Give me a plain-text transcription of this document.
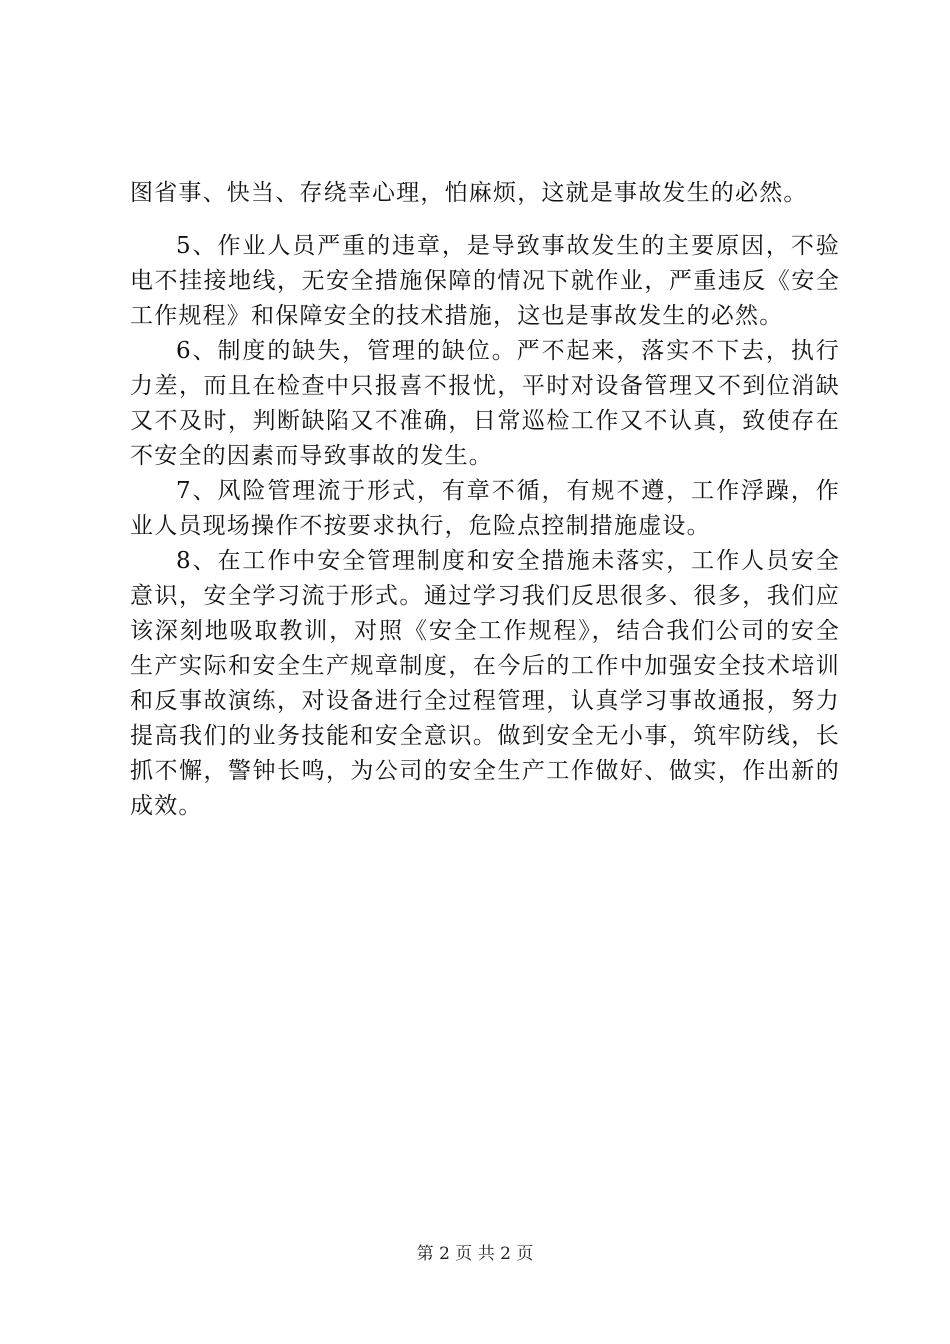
图省事、快当、存绕幸心理，怕麻烦，这就是事故发生的必然。

5、作业人员严重的违章，是导致事故发生的主要原因，不验电不挂接地线，无安全措施保障的情况下就作业，严重违反《安全工作规程》和保障安全的技术措施，这也是事故发生的必然。

6、制度的缺失，管理的缺位。严不起来，落实不下去，执行力差，而且在检查中只报喜不报忧，平时对设备管理又不到位消缺又不及时，判断缺陷又不准确，日常巡检工作又不认真，致使存在不安全的因素而导致事故的发生。

7、风险管理流于形式，有章不循，有规不遵，工作浮躁，作业人员现场操作不按要求执行，危险点控制措施虚设。

8、在工作中安全管理制度和安全措施未落实，工作人员安全意识，安全学习流于形式。通过学习我们反思很多、很多，我们应该深刻地吸取教训，对照《安全工作规程》，结合我们公司的安全生产实际和安全生产规章制度，在今后的工作中加强安全技术培训和反事故演练，对设备进行全过程管理，认真学习事故通报，努力提高我们的业务技能和安全意识。做到安全无小事，筑牢防线，长抓不懈，警钟长鸣，为公司的安全生产工作做好、做实，作出新的成效。

第 2 页 共 2 页
